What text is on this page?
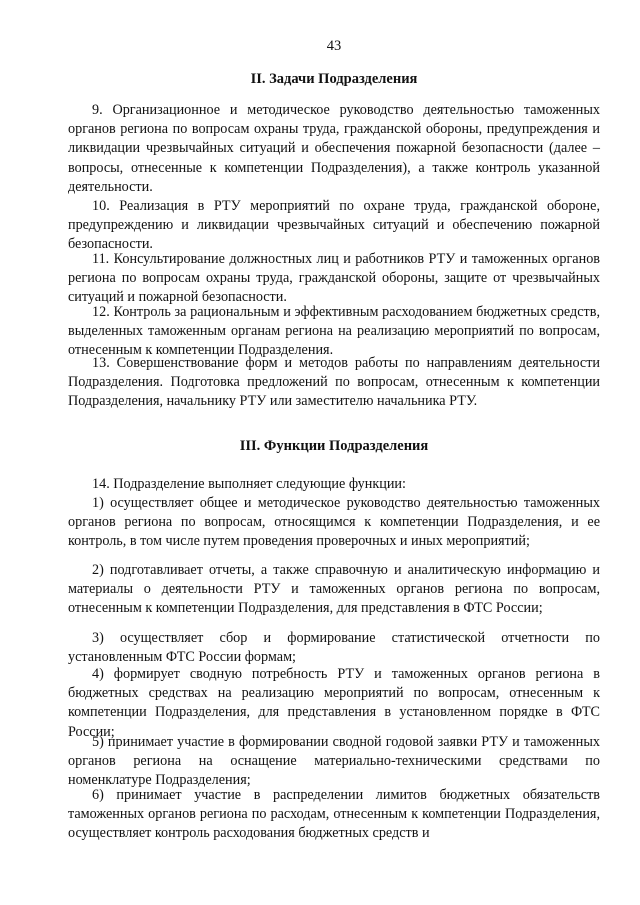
43
II. Задачи Подразделения

9. Организационное и методическое руководство деятельностью таможенных органов региона по вопросам охраны труда, гражданской обороны, предупреждения и ликвидации чрезвычайных ситуаций и обеспечения пожарной безопасности (далее – вопросы, отнесенные к компетенции Подразделения), а также контроль указанной деятельности.

10. Реализация в РТУ мероприятий по охране труда, гражданской обороне, предупреждению и ликвидации чрезвычайных ситуаций и обеспечению пожарной безопасности.

11. Консультирование должностных лиц и работников РТУ и таможенных органов региона по вопросам охраны труда, гражданской обороны, защите от чрезвычайных ситуаций и пожарной безопасности.

12. Контроль за рациональным и эффективным расходованием бюджетных средств, выделенных таможенным органам региона на реализацию мероприятий по вопросам, отнесенным к компетенции Подразделения.

13. Совершенствование форм и методов работы по направлениям деятельности Подразделения. Подготовка предложений по вопросам, отнесенным к компетенции Подразделения, начальнику РТУ или заместителю начальника РТУ.

III. Функции Подразделения

14. Подразделение выполняет следующие функции:

1) осуществляет общее и методическое руководство деятельностью таможенных органов региона по вопросам, относящимся к компетенции Подразделения, и ее контроль, в том числе путем проведения проверочных и иных мероприятий;

2) подготавливает отчеты, а также справочную и аналитическую информацию и материалы о деятельности РТУ и таможенных органов региона по вопросам, отнесенным к компетенции Подразделения, для представления в ФТС России;

3) осуществляет сбор и формирование статистической отчетности по установленным ФТС России формам;

4) формирует сводную потребность РТУ и таможенных органов региона в бюджетных средствах на реализацию мероприятий по вопросам, отнесенным к компетенции Подразделения, для представления в установленном порядке в ФТС России;

5) принимает участие в формировании сводной годовой заявки РТУ и таможенных органов региона на оснащение материально-техническими средствами по номенклатуре Подразделения;

6) принимает участие в распределении лимитов бюджетных обязательств таможенных органов региона по расходам, отнесенным к компетенции Подразделения, осуществляет контроль расходования бюджетных средств и
